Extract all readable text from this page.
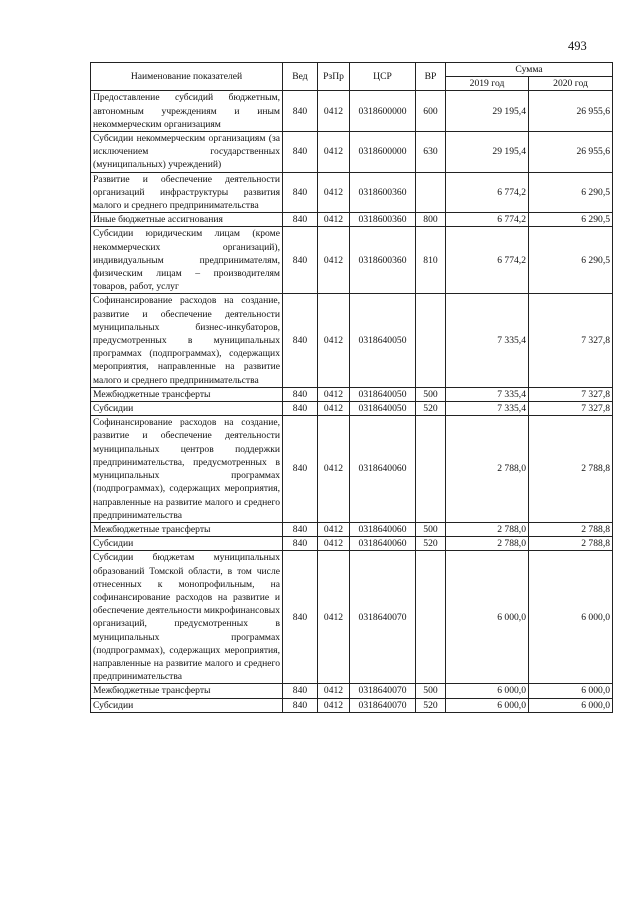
493
Наименование показателей	Вед	РзПр	ЦСР	ВР	Сумма	
					2019 год	2020 год
Предоставление субсидий бюджетным, автономным учреждениям и иным некоммерческим организациям	840	0412	0318600000	600	29 195,4	26 955,6
Субсидии некоммерческим организациям (за исключением государственных (муниципальных) учреждений)	840	0412	0318600000	630	29 195,4	26 955,6
Развитие и обеспечение деятельности организаций инфраструктуры развития малого и среднего предпринимательства	840	0412	0318600360		6 774,2	6 290,5
Иные бюджетные ассигнования	840	0412	0318600360	800	6 774,2	6 290,5
Субсидии юридическим лицам (кроме некоммерческих организаций), индивидуальным предпринимателям, физическим лицам – производителям товаров, работ, услуг	840	0412	0318600360	810	6 774,2	6 290,5
Софинансирование расходов на создание, развитие и обеспечение деятельности муниципальных бизнес-инкубаторов, предусмотренных в муниципальных программах (подпрограммах), содержащих мероприятия, направленные на развитие малого и среднего предпринимательства	840	0412	0318640050		7 335,4	7 327,8
Межбюджетные трансферты	840	0412	0318640050	500	7 335,4	7 327,8
Субсидии	840	0412	0318640050	520	7 335,4	7 327,8
Софинансирование расходов на создание, развитие и обеспечение деятельности муниципальных центров поддержки предпринимательства, предусмотренных в муниципальных программах (подпрограммах), содержащих мероприятия, направленные на развитие малого и среднего предпринимательства	840	0412	0318640060		2 788,0	2 788,8
Межбюджетные трансферты	840	0412	0318640060	500	2 788,0	2 788,8
Субсидии	840	0412	0318640060	520	2 788,0	2 788,8
Субсидии бюджетам муниципальных образований Томской области, в том числе отнесенных к монопрофильным, на софинансирование расходов на развитие и обеспечение деятельности микрофинансовых организаций, предусмотренных в муниципальных программах (подпрограммах), содержащих мероприятия, направленные на развитие малого и среднего предпринимательства	840	0412	0318640070		6 000,0	6 000,0
Межбюджетные трансферты	840	0412	0318640070	500	6 000,0	6 000,0
Субсидии	840	0412	0318640070	520	6 000,0	6 000,0
